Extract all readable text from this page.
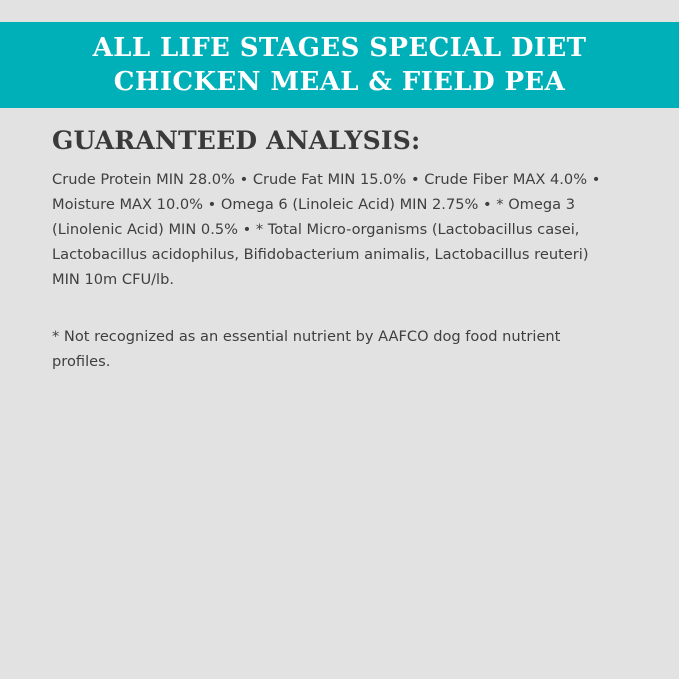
ALL LIFE STAGES SPECIAL DIET
CHICKEN MEAL & FIELD PEA
GUARANTEED ANALYSIS:

Crude Protein MIN 28.0% • Crude Fat MIN 15.0% • Crude Fiber MAX 4.0% • Moisture MAX 10.0% • Omega 6 (Linoleic Acid) MIN 2.75% • * Omega 3 (Linolenic Acid) MIN 0.5% • * Total Micro-organisms (Lactobacillus casei, Lactobacillus acidophilus, Bifidobacterium animalis, Lactobacillus reuteri) MIN 10m CFU/lb.

* Not recognized as an essential nutrient by AAFCO dog food nutrient profiles.
